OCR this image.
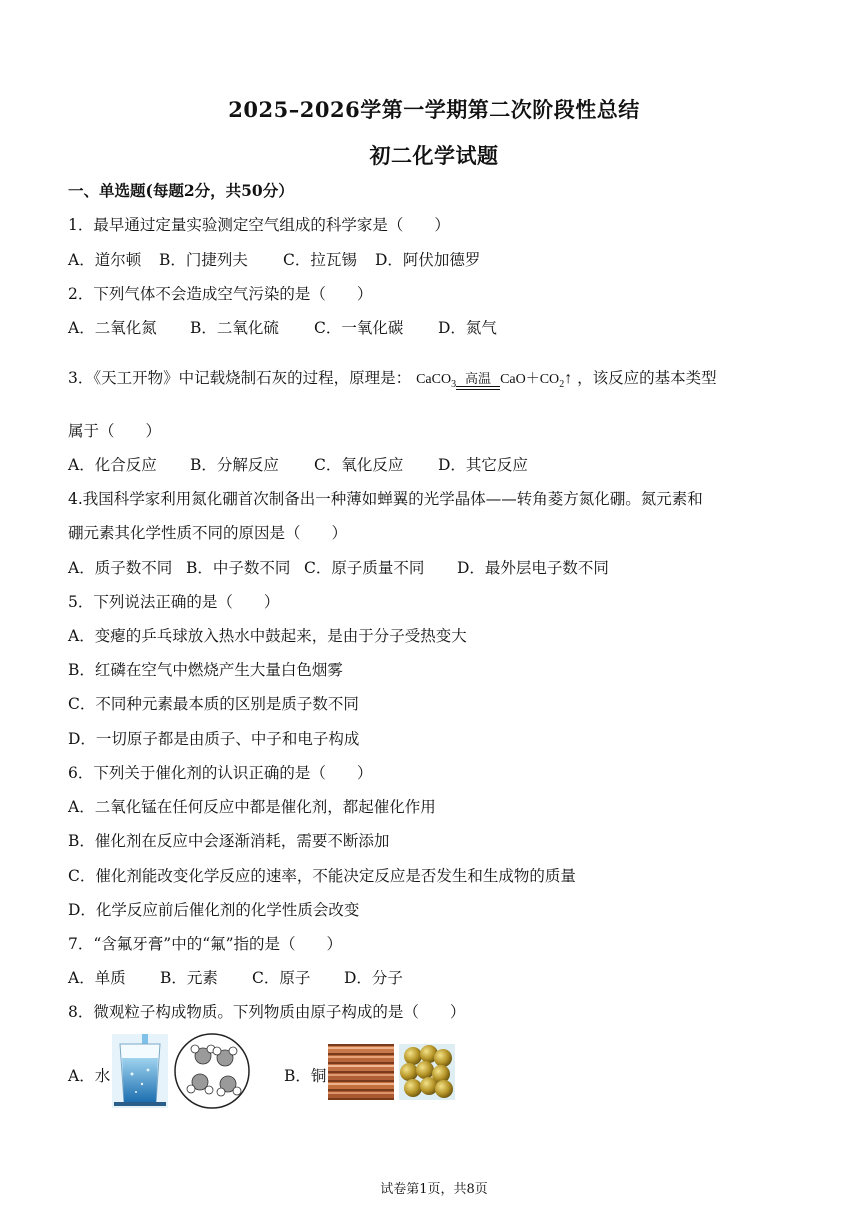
2025–2026学第一学期第二次阶段性总结
初二化学试题
一、单选题(每题2分，共50分）
1．最早通过定量实验测定空气组成的科学家是（　　）
A．道尔顿 B．门捷列夫 C．拉瓦锡 D．阿伏加德罗
2．下列气体不会造成空气污染的是（　　）
A．二氧化氮 B．二氧化硫 C．一氧化碳 D．氮气
3．《天工开物》中记载烧制石灰的过程，原理是： CaCO$_3$ 高温 $CaO+CO_2↑$ ，该反应的基本类型
属于（　　）
A．化合反应 B．分解反应 C．氧化反应 D．其它反应
4.我国科学家利用氮化硼首次制备出一种薄如蝉翼的光学晶体——转角菱方氮化硼。氮元素和
硼元素其化学性质不同的原因是（　　）
A．质子数不同 B．中子数不同 C．原子质量不同 D．最外层电子数不同
5．下列说法正确的是（　　）
A．变瘪的乒乓球放入热水中鼓起来，是由于分子受热变大
B．红磷在空气中燃烧产生大量白色烟雾
C．不同种元素最本质的区别是质子数不同
D．一切原子都是由质子、中子和电子构成
6．下列关于催化剂的认识正确的是（　　）
A．二氧化锰在任何反应中都是催化剂，都起催化作用
B．催化剂在反应中会逐渐消耗，需要不断添加
C．催化剂能改变化学反应的速率，不能决定反应是否发生和生成物的质量
D．化学反应前后催化剂的化学性质会改变
7．“含氟牙膏”中的“氟”指的是（　　）
A．单质 B．元素 C．原子 D．分子
8．微观粒子构成物质。下列物质由原子构成的是（　　）
A．水	B．铜
试卷第1页，共8页
